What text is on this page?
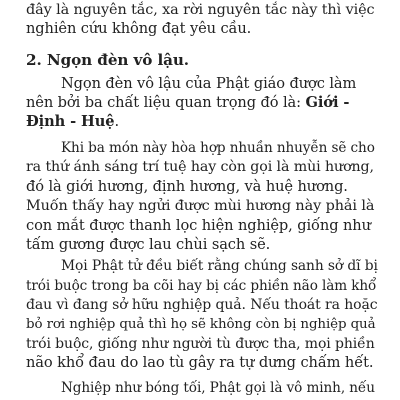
đây là nguyên tắc, xa rời nguyên tắc này thì việc
nghiên cứu không đạt yêu cầu.
2. Ngọn đèn vô lậu.
Ngọn đèn vô lậu của Phật giáo được làm
nên bởi ba chất liệu quan trọng đó là: Giới -
Định - Huệ.
Khi ba món này hòa hợp nhuần nhuyễn sẽ cho
ra thứ ánh sáng trí tuệ hay còn gọi là mùi hương,
đó là giới hương, định hương, và huệ hương.
Muốn thấy hay ngửi được mùi hương này phải là
con mắt được thanh lọc hiện nghiệp, giống như
tấm gương được lau chùi sạch sẽ.
Mọi Phật tử đều biết rằng chúng sanh sở dĩ bị
trói buộc trong ba cõi hay bị các phiền não làm khổ
đau vì đang sở hữu nghiệp quả. Nếu thoát ra hoặc
bỏ rơi nghiệp quả thì họ sẽ không còn bị nghiệp quả
trói buộc, giống như người tù được tha, mọi phiền
não khổ đau do lao tù gây ra tự dưng chấm hết.
Nghiệp như bóng tối, Phật gọi là vô minh, nếu
